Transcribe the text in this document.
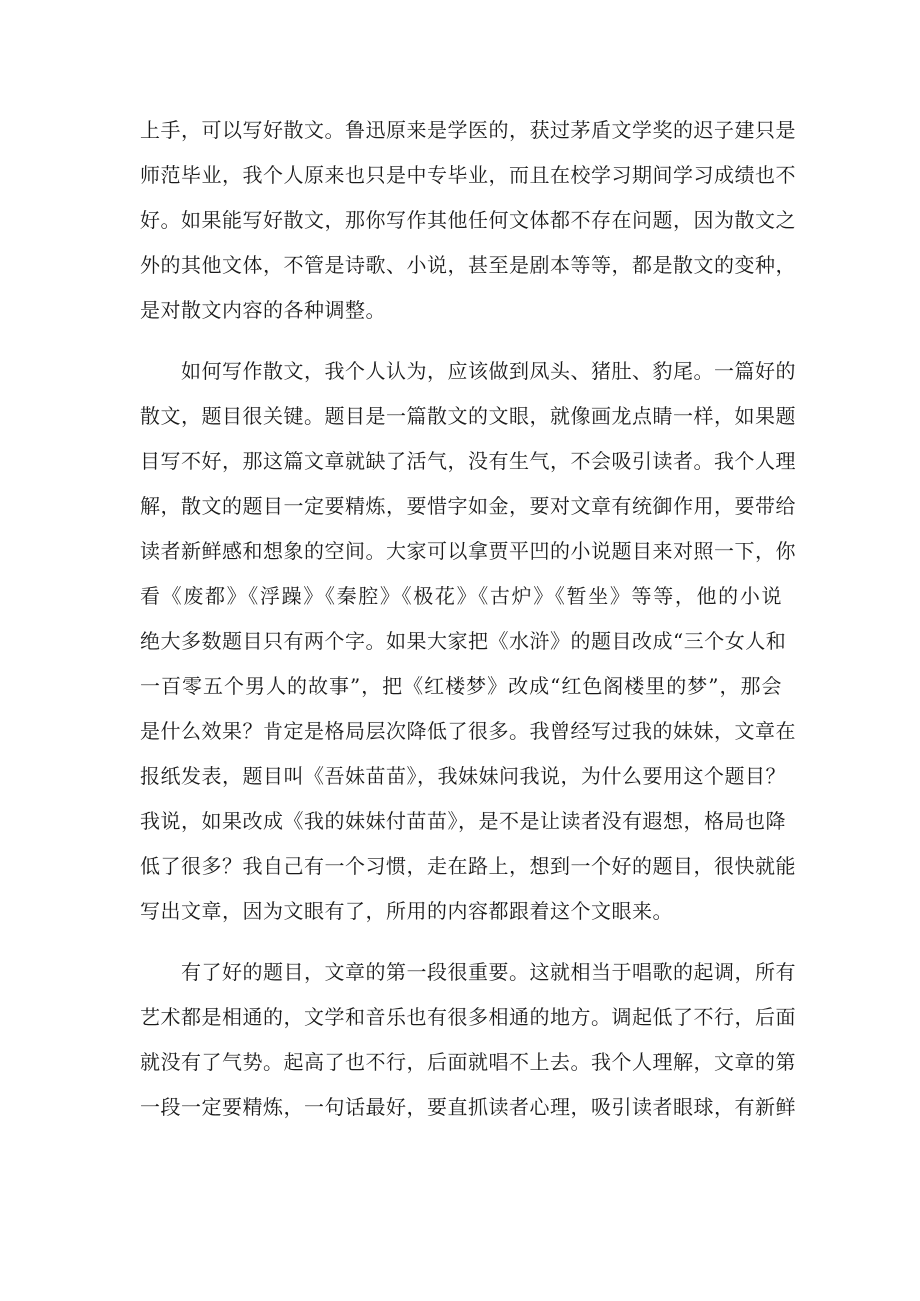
上手，可以写好散文。鲁迅原来是学医的，获过茅盾文学奖的迟子建只是
师范毕业，我个人原来也只是中专毕业，而且在校学习期间学习成绩也不
好。如果能写好散文，那你写作其他任何文体都不存在问题，因为散文之
外的其他文体，不管是诗歌、小说，甚至是剧本等等，都是散文的变种，
是对散文内容的各种调整。

　　如何写作散文，我个人认为，应该做到凤头、猪肚、豹尾。一篇好的
散文，题目很关键。题目是一篇散文的文眼，就像画龙点睛一样，如果题
目写不好，那这篇文章就缺了活气，没有生气，不会吸引读者。我个人理
解，散文的题目一定要精炼，要惜字如金，要对文章有统御作用，要带给
读者新鲜感和想象的空间。大家可以拿贾平凹的小说题目来对照一下，你
看《废都》《浮躁》《秦腔》《极花》《古炉》《暂坐》等等，他的小说
绝大多数题目只有两个字。如果大家把《水浒》的题目改成“三个女人和
一百零五个男人的故事”，把《红楼梦》改成“红色阁楼里的梦”，那会
是什么效果？肯定是格局层次降低了很多。我曾经写过我的妹妹，文章在
报纸发表，题目叫《吾妹苗苗》，我妹妹问我说，为什么要用这个题目？
我说，如果改成《我的妹妹付苗苗》，是不是让读者没有遐想，格局也降
低了很多？我自己有一个习惯，走在路上，想到一个好的题目，很快就能
写出文章，因为文眼有了，所用的内容都跟着这个文眼来。

　　有了好的题目，文章的第一段很重要。这就相当于唱歌的起调，所有
艺术都是相通的，文学和音乐也有很多相通的地方。调起低了不行，后面
就没有了气势。起高了也不行，后面就唱不上去。我个人理解，文章的第
一段一定要精炼，一句话最好，要直抓读者心理，吸引读者眼球，有新鲜
